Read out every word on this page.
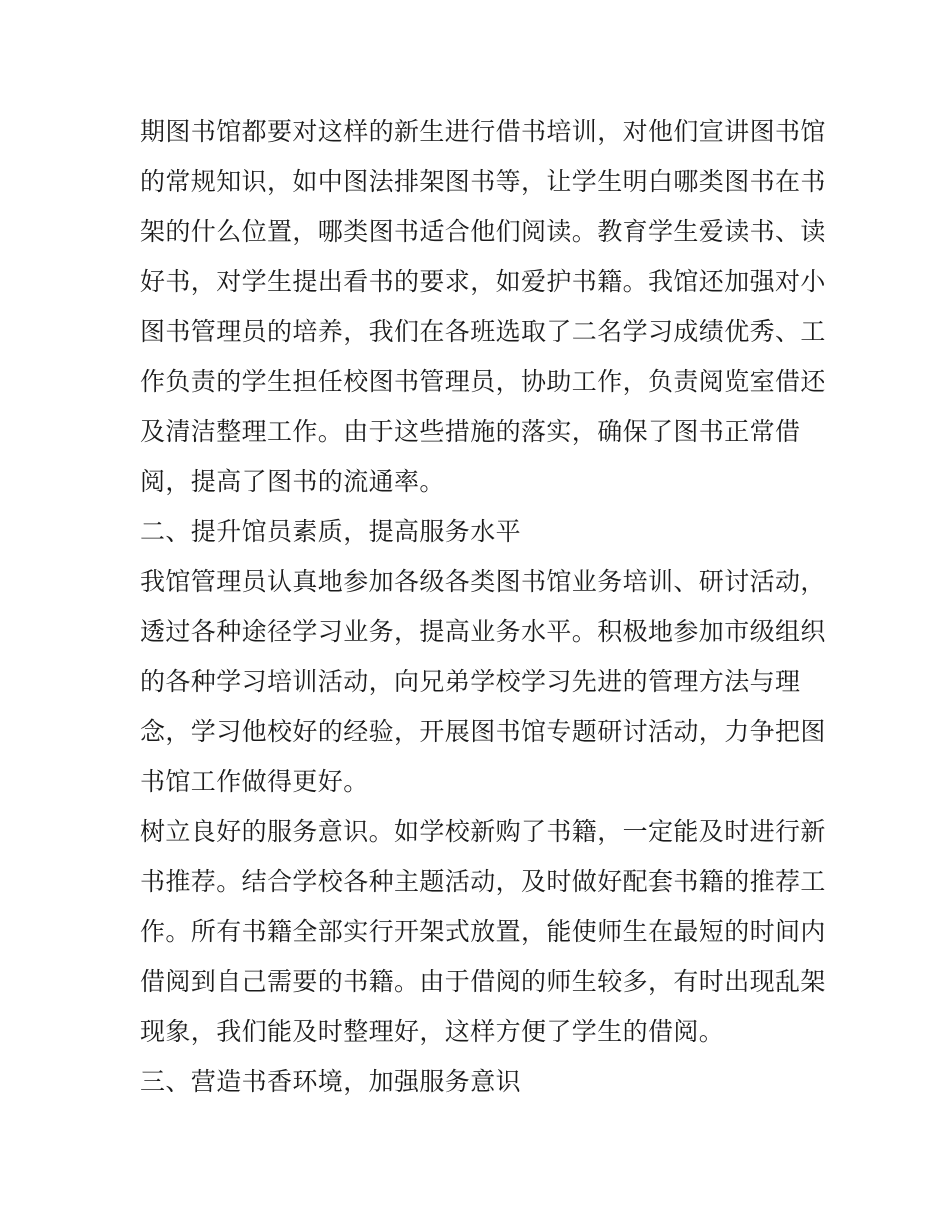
期图书馆都要对这样的新生进行借书培训，对他们宣讲图书馆
的常规知识，如中图法排架图书等，让学生明白哪类图书在书
架的什么位置，哪类图书适合他们阅读。教育学生爱读书、读
好书，对学生提出看书的要求，如爱护书籍。我馆还加强对小
图书管理员的培养，我们在各班选取了二名学习成绩优秀、工
作负责的学生担任校图书管理员，协助工作，负责阅览室借还
及清洁整理工作。由于这些措施的落实，确保了图书正常借
阅，提高了图书的流通率。
二、提升馆员素质，提高服务水平
我馆管理员认真地参加各级各类图书馆业务培训、研讨活动，
透过各种途径学习业务，提高业务水平。积极地参加市级组织
的各种学习培训活动，向兄弟学校学习先进的管理方法与理
念，学习他校好的经验，开展图书馆专题研讨活动，力争把图
书馆工作做得更好。
树立良好的服务意识。如学校新购了书籍，一定能及时进行新
书推荐。结合学校各种主题活动，及时做好配套书籍的推荐工
作。所有书籍全部实行开架式放置，能使师生在最短的时间内
借阅到自己需要的书籍。由于借阅的师生较多，有时出现乱架
现象，我们能及时整理好，这样方便了学生的借阅。
三、营造书香环境，加强服务意识
